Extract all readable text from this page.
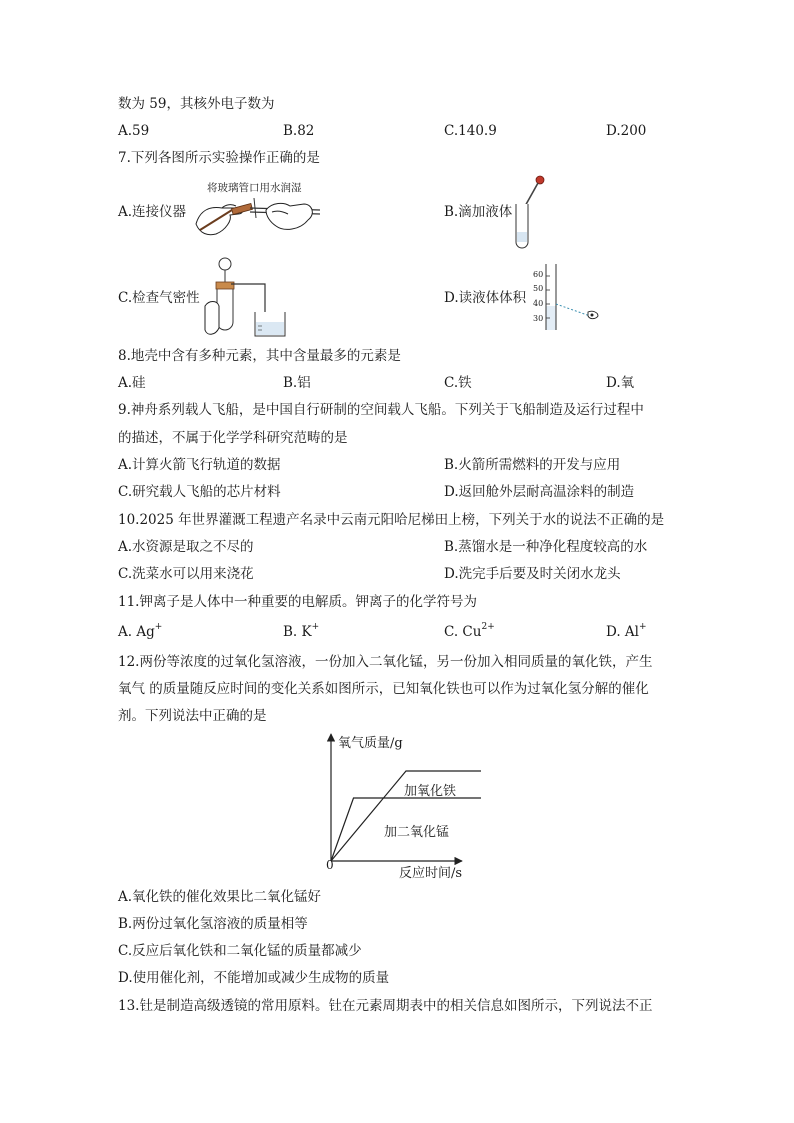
数为 59，其核外电子数为
A.59	B.82	C.140.9	D.200
7.下列各图所示实验操作正确的是
A.连接仪器
将玻璃管口用水润湿
B.滴加液体
C.检查气密性	D.读液体体积
60
50
40
30
8.地壳中含有多种元素，其中含量最多的元素是
A.硅	B.铝	C.铁	D.氧
9.神舟系列载人飞船，是中国自行研制的空间载人飞船。下列关于飞船制造及运行过程中
的描述，不属于化学学科研究范畴的是
A.计算火箭飞行轨道的数据	B.火箭所需燃料的开发与应用
C.研究载人飞船的芯片材料	D.返回舱外层耐高温涂料的制造
10.2025 年世界灌溉工程遗产名录中云南元阳哈尼梯田上榜，下列关于水的说法不正确的是
A.水资源是取之不尽的	B.蒸馏水是一种净化程度较高的水
C.洗菜水可以用来浇花	D.洗完手后要及时关闭水龙头
11.钾离子是人体中一种重要的电解质。钾离子的化学符号为
A. Ag+	B. K+	C. $Cu^{2+}$	D. Al+
12.两份等浓度的过氧化氢溶液，一份加入二氧化锰，另一份加入相同质量的氧化铁，产生
氧气 的质量随反应时间的变化关系如图所示，已知氧化铁也可以作为过氧化氢分解的催化
剂。下列说法中正确的是
氧气质量/g
反应时间/s
0
加氧化铁
加二氧化锰
A.氧化铁的催化效果比二氧化锰好
B.两份过氧化氢溶液的质量相等
C.反应后氧化铁和二氧化锰的质量都减少
D.使用催化剂，不能增加或减少生成物的质量
13.钍是制造高级透镜的常用原料。钍在元素周期表中的相关信息如图所示，下列说法不正
